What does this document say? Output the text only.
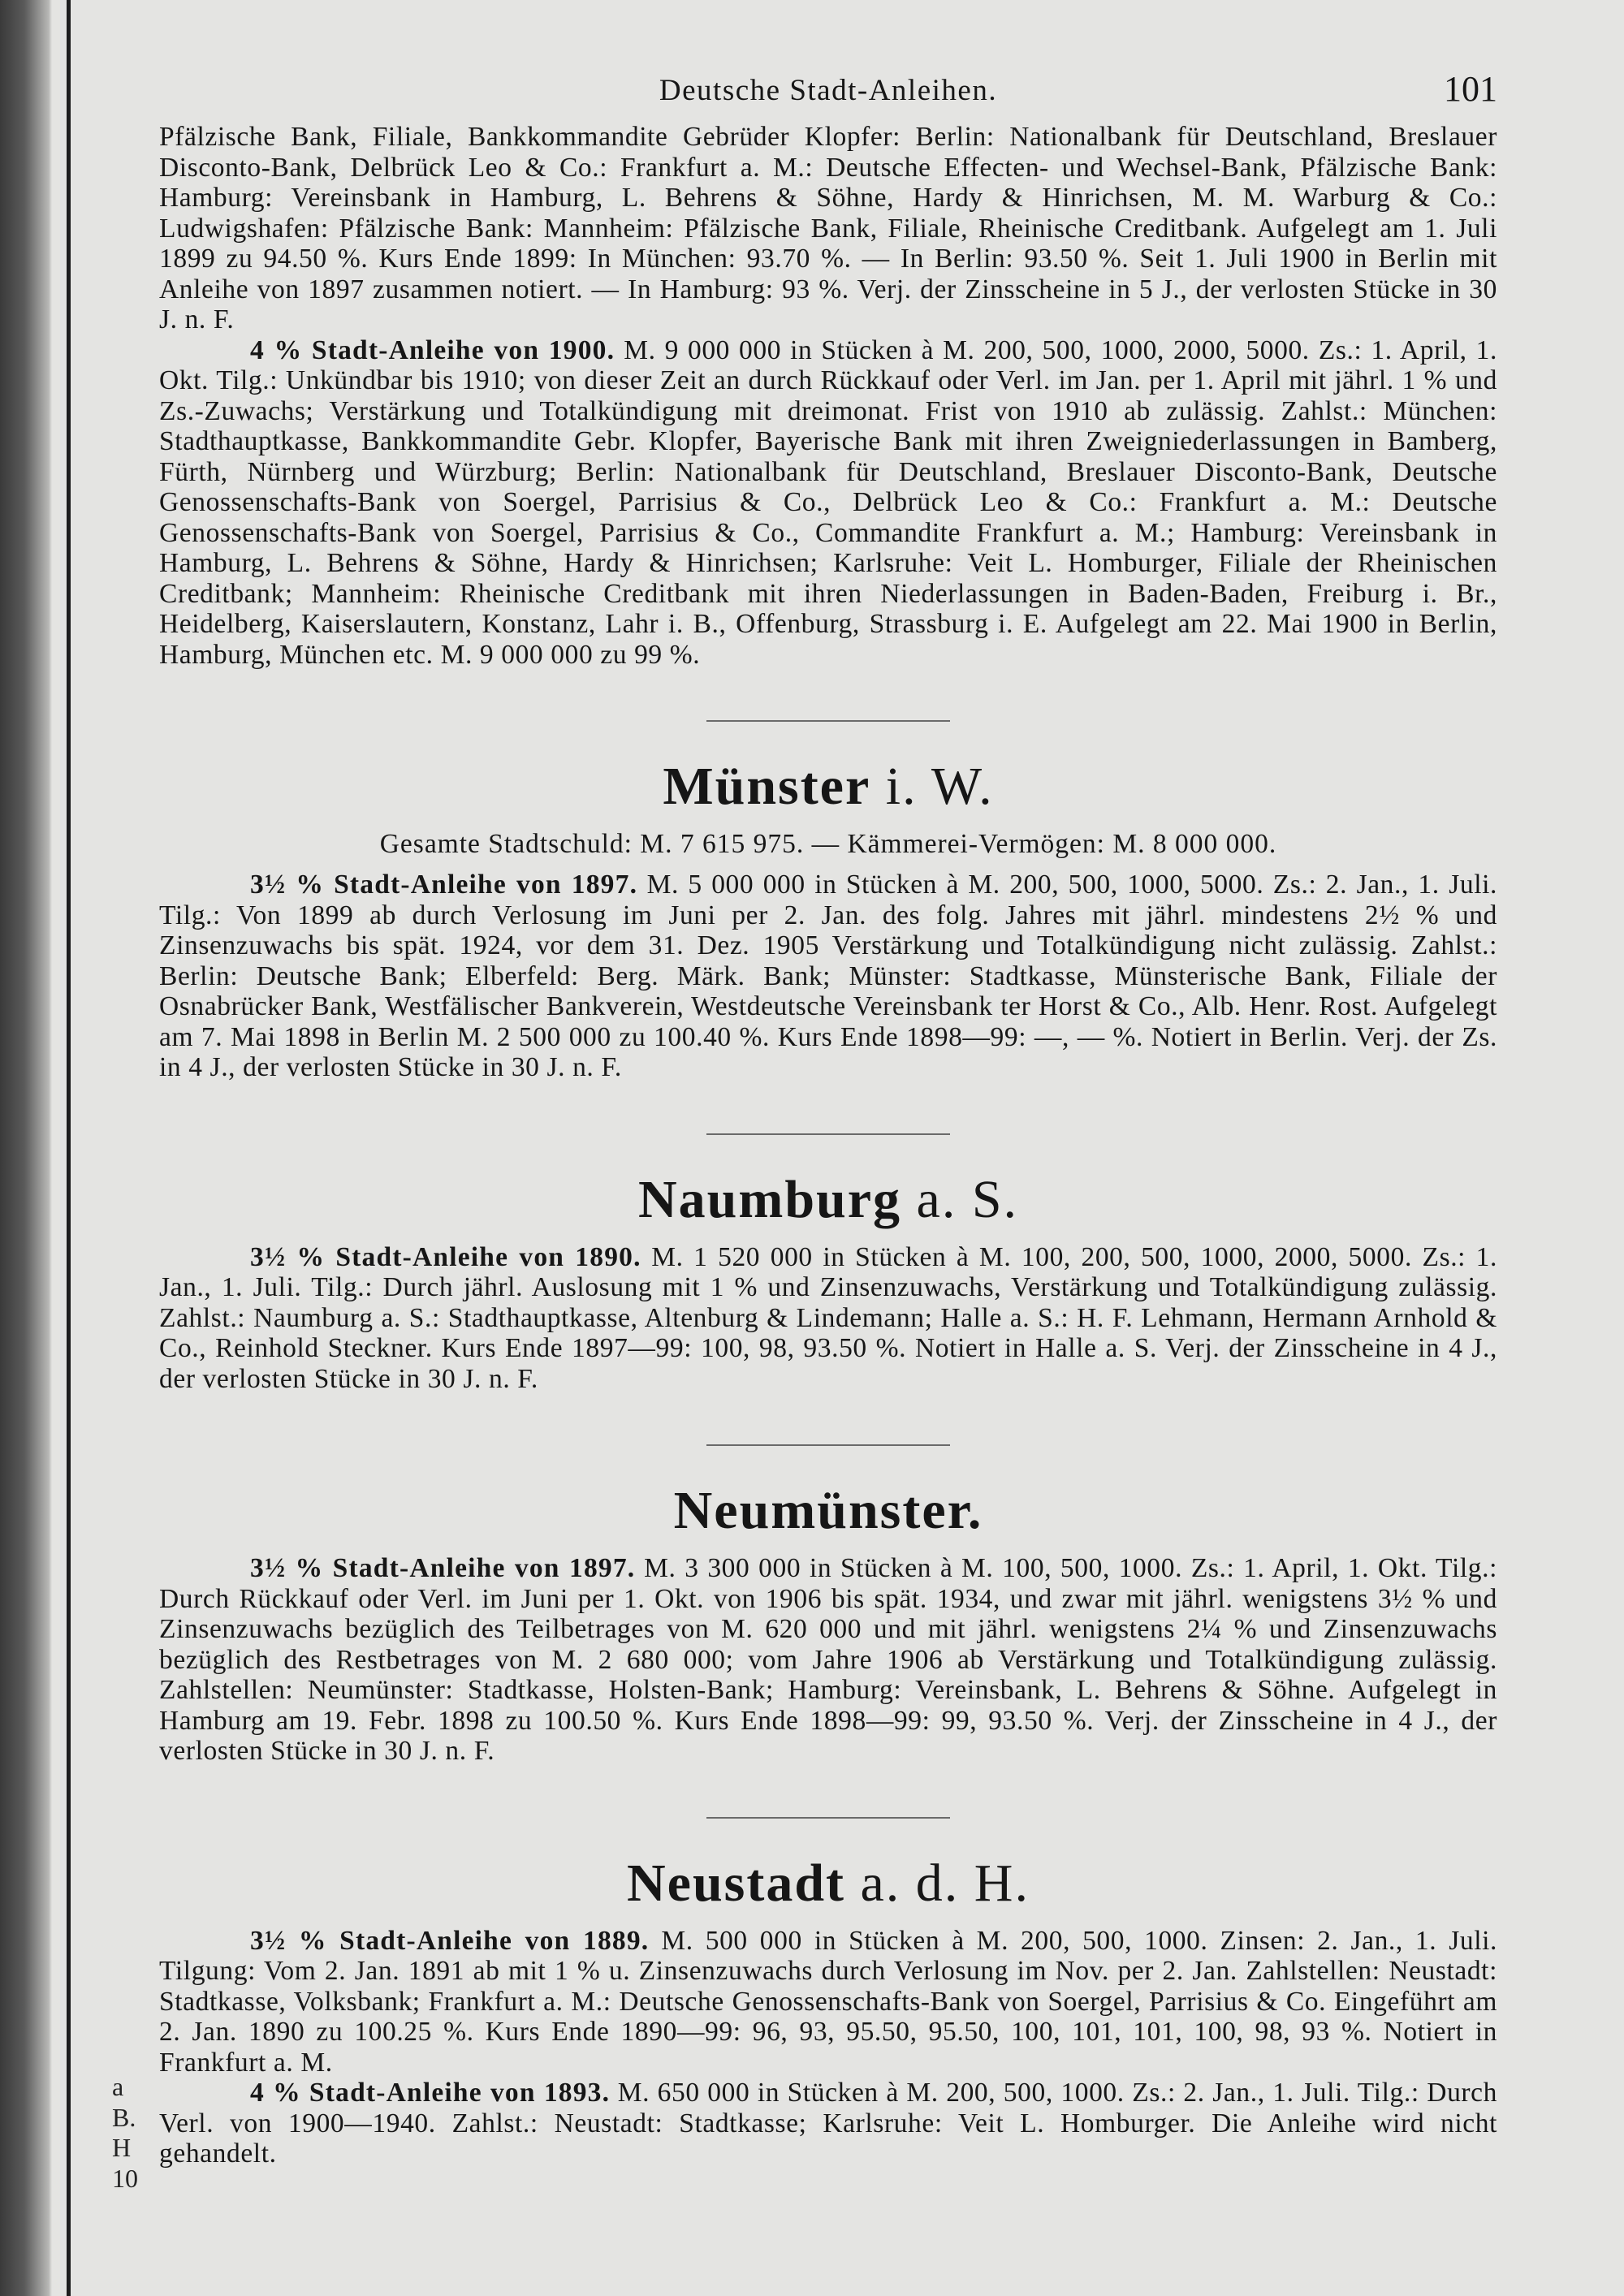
a
B.
H
10
Deutsche Stadt-Anleihen.	101

Pfälzische Bank, Filiale, Bankkommandite Gebrüder Klopfer: Berlin: Nationalbank für Deutschland, Breslauer Disconto-Bank, Delbrück Leo & Co.: Frankfurt a. M.: Deutsche Effecten- und Wechsel-Bank, Pfälzische Bank: Hamburg: Vereinsbank in Hamburg, L. Behrens & Söhne, Hardy & Hinrichsen, M. M. Warburg & Co.: Ludwigshafen: Pfälzische Bank: Mannheim: Pfälzische Bank, Filiale, Rheinische Creditbank. Aufgelegt am 1. Juli 1899 zu 94.50 %. Kurs Ende 1899: In München: 93.70 %. — In Berlin: 93.50 %. Seit 1. Juli 1900 in Berlin mit Anleihe von 1897 zusammen notiert. — In Hamburg: 93 %. Verj. der Zinsscheine in 5 J., der verlosten Stücke in 30 J. n. F.

4 % Stadt-Anleihe von 1900. M. 9 000 000 in Stücken à M. 200, 500, 1000, 2000, 5000. Zs.: 1. April, 1. Okt. Tilg.: Unkündbar bis 1910; von dieser Zeit an durch Rückkauf oder Verl. im Jan. per 1. April mit jährl. 1 % und Zs.-Zuwachs; Verstärkung und Totalkündigung mit dreimonat. Frist von 1910 ab zulässig. Zahlst.: München: Stadthauptkasse, Bankkommandite Gebr. Klopfer, Bayerische Bank mit ihren Zweigniederlassungen in Bamberg, Fürth, Nürnberg und Würzburg; Berlin: Nationalbank für Deutschland, Breslauer Disconto-Bank, Deutsche Genossenschafts-Bank von Soergel, Parrisius & Co., Delbrück Leo & Co.: Frankfurt a. M.: Deutsche Genossenschafts-Bank von Soergel, Parrisius & Co., Commandite Frankfurt a. M.; Hamburg: Vereinsbank in Hamburg, L. Behrens & Söhne, Hardy & Hinrichsen; Karlsruhe: Veit L. Homburger, Filiale der Rheinischen Creditbank; Mannheim: Rheinische Creditbank mit ihren Niederlassungen in Baden-Baden, Freiburg i. Br., Heidelberg, Kaiserslautern, Konstanz, Lahr i. B., Offenburg, Strassburg i. E. Aufgelegt am 22. Mai 1900 in Berlin, Hamburg, München etc. M. 9 000 000 zu 99 %.

Münster i. W.
Gesamte Stadtschuld: M. 7 615 975. — Kämmerei-Vermögen: M. 8 000 000.

3½ % Stadt-Anleihe von 1897. M. 5 000 000 in Stücken à M. 200, 500, 1000, 5000. Zs.: 2. Jan., 1. Juli. Tilg.: Von 1899 ab durch Verlosung im Juni per 2. Jan. des folg. Jahres mit jährl. mindestens 2½ % und Zinsenzuwachs bis spät. 1924, vor dem 31. Dez. 1905 Verstärkung und Totalkündigung nicht zulässig. Zahlst.: Berlin: Deutsche Bank; Elberfeld: Berg. Märk. Bank; Münster: Stadtkasse, Münsterische Bank, Filiale der Osnabrücker Bank, Westfälischer Bankverein, Westdeutsche Vereinsbank ter Horst & Co., Alb. Henr. Rost. Aufgelegt am 7. Mai 1898 in Berlin M. 2 500 000 zu 100.40 %. Kurs Ende 1898—99: —, — %. Notiert in Berlin. Verj. der Zs. in 4 J., der verlosten Stücke in 30 J. n. F.

Naumburg a. S.

3½ % Stadt-Anleihe von 1890. M. 1 520 000 in Stücken à M. 100, 200, 500, 1000, 2000, 5000. Zs.: 1. Jan., 1. Juli. Tilg.: Durch jährl. Auslosung mit 1 % und Zinsenzuwachs, Verstärkung und Totalkündigung zulässig. Zahlst.: Naumburg a. S.: Stadthauptkasse, Altenburg & Lindemann; Halle a. S.: H. F. Lehmann, Hermann Arnhold & Co., Reinhold Steckner. Kurs Ende 1897—99: 100, 98, 93.50 %. Notiert in Halle a. S. Verj. der Zinsscheine in 4 J., der verlosten Stücke in 30 J. n. F.

Neumünster.

3½ % Stadt-Anleihe von 1897. M. 3 300 000 in Stücken à M. 100, 500, 1000. Zs.: 1. April, 1. Okt. Tilg.: Durch Rückkauf oder Verl. im Juni per 1. Okt. von 1906 bis spät. 1934, und zwar mit jährl. wenigstens 3½ % und Zinsenzuwachs bezüglich des Teilbetrages von M. 620 000 und mit jährl. wenigstens 2¼ % und Zinsenzuwachs bezüglich des Restbetrages von M. 2 680 000; vom Jahre 1906 ab Verstärkung und Totalkündigung zulässig. Zahlstellen: Neumünster: Stadtkasse, Holsten-Bank; Hamburg: Vereinsbank, L. Behrens & Söhne. Aufgelegt in Hamburg am 19. Febr. 1898 zu 100.50 %. Kurs Ende 1898—99: 99, 93.50 %. Verj. der Zinsscheine in 4 J., der verlosten Stücke in 30 J. n. F.

Neustadt a. d. H.

3½ % Stadt-Anleihe von 1889. M. 500 000 in Stücken à M. 200, 500, 1000. Zinsen: 2. Jan., 1. Juli. Tilgung: Vom 2. Jan. 1891 ab mit 1 % u. Zinsenzuwachs durch Verlosung im Nov. per 2. Jan. Zahlstellen: Neustadt: Stadtkasse, Volksbank; Frankfurt a. M.: Deutsche Genossenschafts-Bank von Soergel, Parrisius & Co. Eingeführt am 2. Jan. 1890 zu 100.25 %. Kurs Ende 1890—99: 96, 93, 95.50, 95.50, 100, 101, 101, 100, 98, 93 %. Notiert in Frankfurt a. M.

4 % Stadt-Anleihe von 1893. M. 650 000 in Stücken à M. 200, 500, 1000. Zs.: 2. Jan., 1. Juli. Tilg.: Durch Verl. von 1900—1940. Zahlst.: Neustadt: Stadtkasse; Karlsruhe: Veit L. Homburger. Die Anleihe wird nicht gehandelt.
